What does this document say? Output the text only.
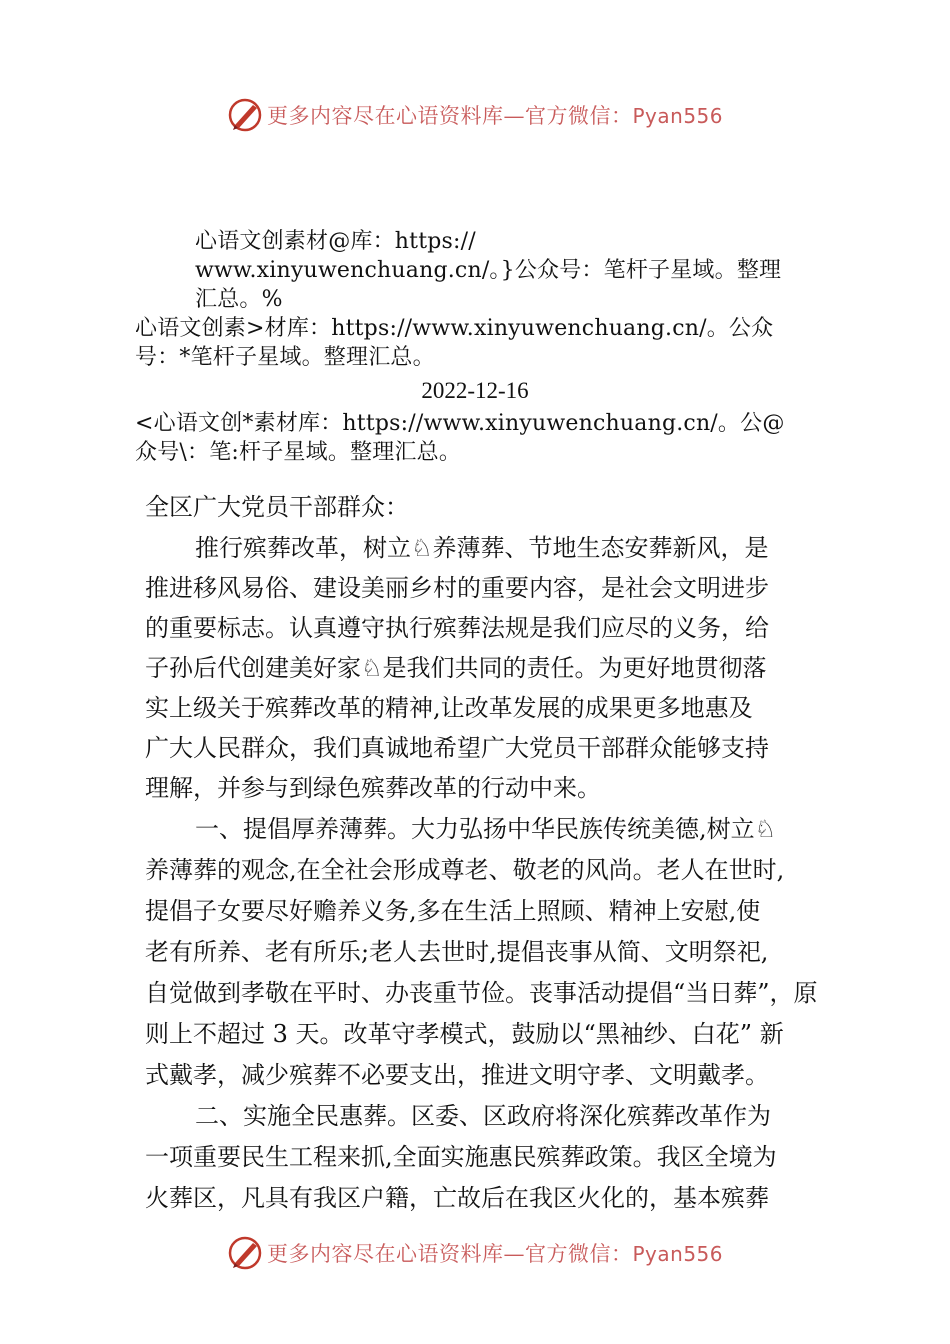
更多内容尽在心语资料库—官方微信：Pyan556
心语文创素材@库：https://
www.xinyuwenchuang.cn/。}公众号：笔杆子星域。整理
汇总。%
心语文创素>材库：https://www.xinyuwenchuang.cn/。公众
号：*笔杆子星域。整理汇总。
2022-12-16
<心语文创*素材库：https://www.xinyuwenchuang.cn/。公@
众号\：笔:杆子星域。整理汇总。
全区广大党员干部群众：
推行殡葬改革，树立♘养薄葬、节地生态安葬新风，是
推进移风易俗、建设美丽乡村的重要内容，是社会文明进步
的重要标志。认真遵守执行殡葬法规是我们应尽的义务，给
子孙后代创建美好家♘是我们共同的责任。为更好地贯彻落
实上级关于殡葬改革的精神,让改革发展的成果更多地惠及
广大人民群众，我们真诚地希望广大党员干部群众能够支持
理解，并参与到绿色殡葬改革的行动中来。
一、提倡厚养薄葬。大力弘扬中华民族传统美德,树立♘
养薄葬的观念,在全社会形成尊老、敬老的风尚。老人在世时,
提倡子女要尽好赡养义务,多在生活上照顾、精神上安慰,使
老有所养、老有所乐;老人去世时,提倡丧事从简、文明祭祀,
自觉做到孝敬在平时、办丧重节俭。丧事活动提倡“当日葬”，原
则上不超过 3 天。改革守孝模式，鼓励以“黑袖纱、白花” 新
式戴孝，减少殡葬不必要支出，推进文明守孝、文明戴孝。
二、实施全民惠葬。区委、区政府将深化殡葬改革作为
一项重要民生工程来抓,全面实施惠民殡葬政策。我区全境为
火葬区，凡具有我区户籍，亡故后在我区火化的，基本殡葬
更多内容尽在心语资料库—官方微信：Pyan556
